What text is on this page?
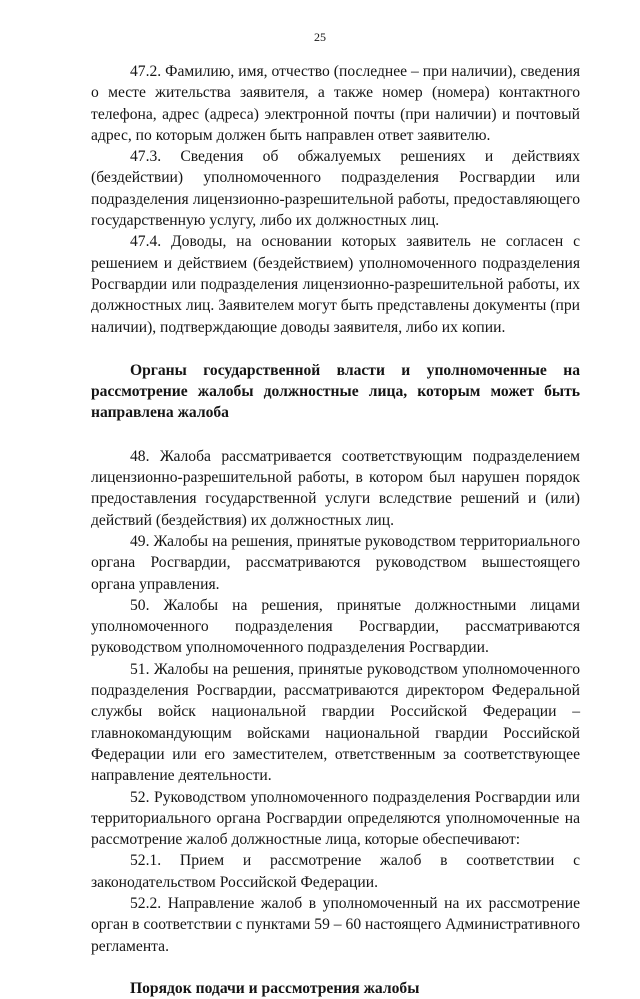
25

47.2. Фамилию, имя, отчество (последнее – при наличии), сведения о месте жительства заявителя, а также номер (номера) контактного телефона, адрес (адреса) электронной почты (при наличии) и почтовый адрес, по которым должен быть направлен ответ заявителю.

47.3. Сведения об обжалуемых решениях и действиях (бездействии) уполномоченного подразделения Росгвардии или подразделения лицензионно-разрешительной работы, предоставляющего государственную услугу, либо их должностных лиц.

47.4. Доводы, на основании которых заявитель не согласен с решением и действием (бездействием) уполномоченного подразделения Росгвардии или подразделения лицензионно-разрешительной работы, их должностных лиц. Заявителем могут быть представлены документы (при наличии), подтверждающие доводы заявителя, либо их копии.

Органы государственной власти и уполномоченные на рассмотрение жалобы должностные лица, которым может быть направлена жалоба

48. Жалоба рассматривается соответствующим подразделением лицензионно-разрешительной работы, в котором был нарушен порядок предоставления государственной услуги вследствие решений и (или) действий (бездействия) их должностных лиц.

49. Жалобы на решения, принятые руководством территориального органа Росгвардии, рассматриваются руководством вышестоящего органа управления.

50. Жалобы на решения, принятые должностными лицами уполномоченного подразделения Росгвардии, рассматриваются руководством уполномоченного подразделения Росгвардии.

51. Жалобы на решения, принятые руководством уполномоченного подразделения Росгвардии, рассматриваются директором Федеральной службы войск национальной гвардии Российской Федерации – главнокомандующим войсками национальной гвардии Российской Федерации или его заместителем, ответственным за соответствующее направление деятельности.

52. Руководством уполномоченного подразделения Росгвардии или территориального органа Росгвардии определяются уполномоченные на рассмотрение жалоб должностные лица, которые обеспечивают:

52.1. Прием и рассмотрение жалоб в соответствии с законодательством Российской Федерации.

52.2. Направление жалоб в уполномоченный на их рассмотрение орган в соответствии с пунктами 59 – 60 настоящего Административного регламента.

Порядок подачи и рассмотрения жалобы
